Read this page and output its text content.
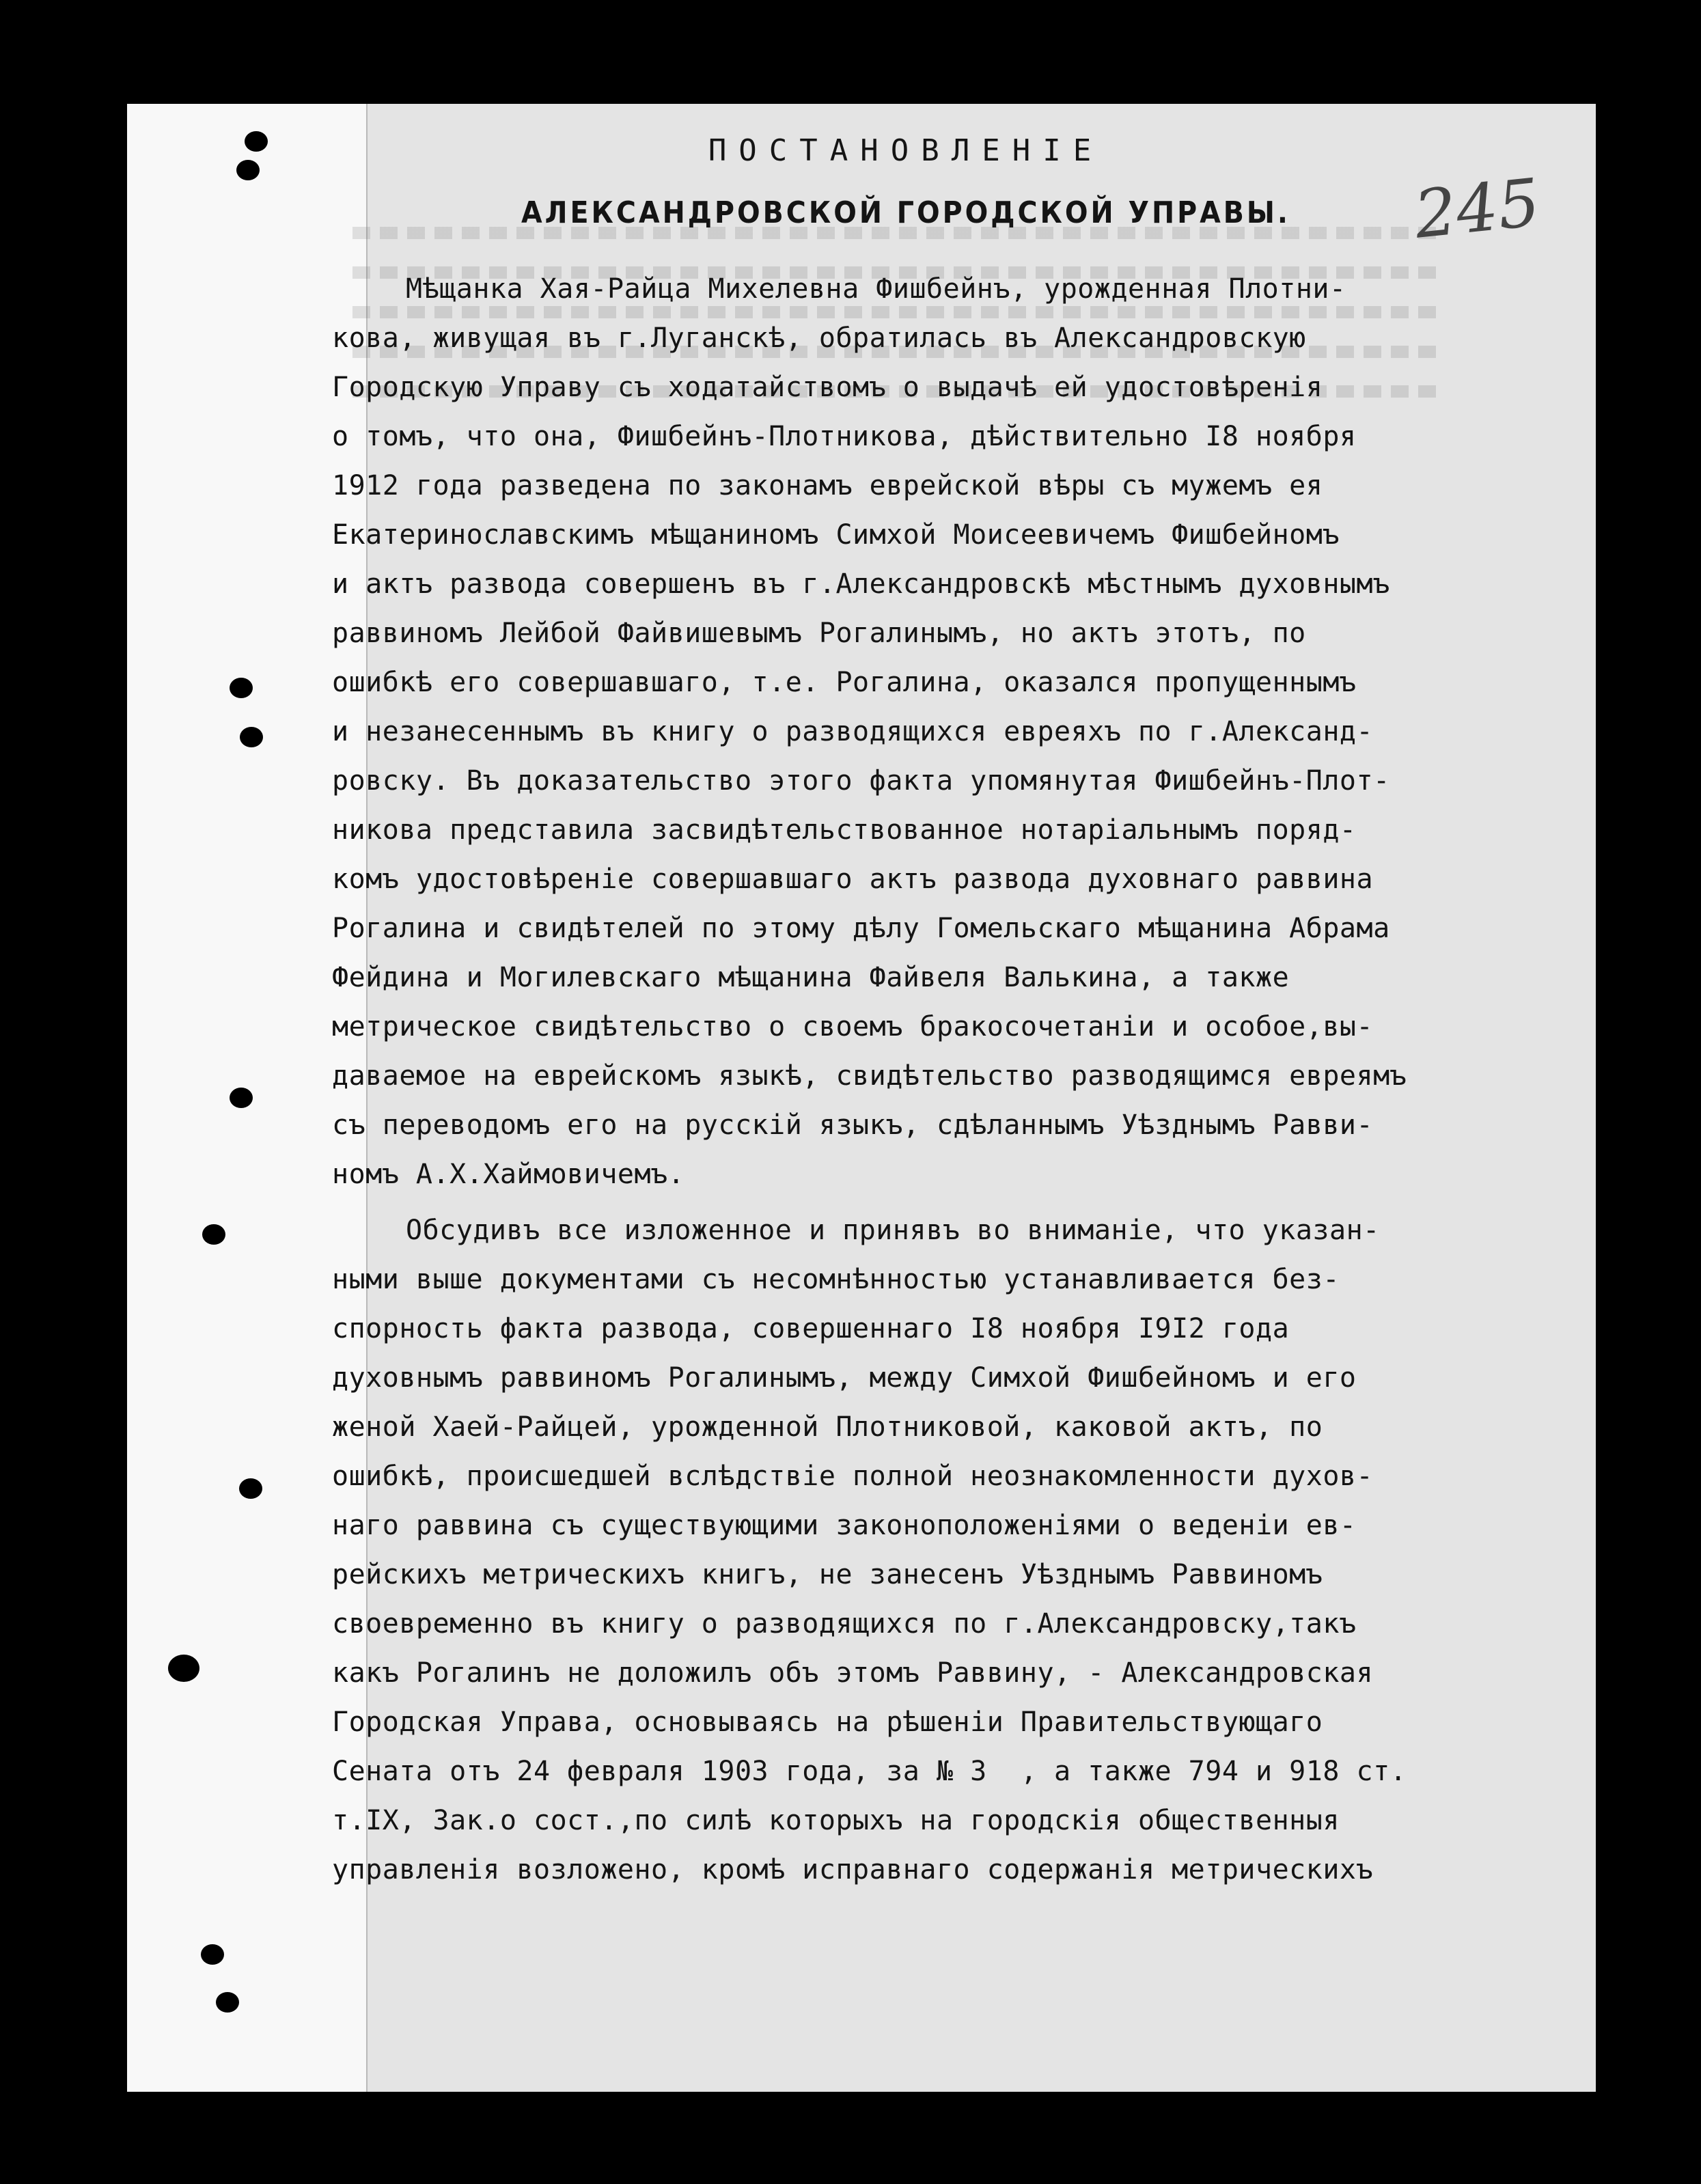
245
ПОСТАНОВЛЕНІЕ
АЛЕКСАНДРОВСКОЙ ГОРОДСКОЙ УПРАВЫ.
Мѣщанка Хая-Райца Михелевна Фишбейнъ, урожденная Плотни-
кова, живущая въ г.Луганскѣ, обратилась въ Александровскую
Городскую Управу съ ходатайствомъ о выдачѣ ей удостовѣренія
о томъ, что она, Фишбейнъ-Плотникова, дѣйствительно I8 ноября
1912 года разведена по законамъ еврейской вѣры съ мужемъ ея
Екатеринославскимъ мѣщаниномъ Симхой Моисеевичемъ Фишбейномъ
и актъ развода совершенъ въ г.Александровскѣ мѣстнымъ духовнымъ
раввиномъ Лейбой Файвишевымъ Рогалинымъ, но актъ этотъ, по
ошибкѣ его совершавшаго, т.е. Рогалина, оказался пропущеннымъ
и незанесеннымъ въ книгу о разводящихся евреяхъ по г.Александ-
ровску. Въ доказательство этого факта упомянутая Фишбейнъ-Плот-
никова представила засвидѣтельствованное нотаріальнымъ поряд-
комъ удостовѣреніе совершавшаго актъ развода духовнаго раввина
Рогалина и свидѣтелей по этому дѣлу Гомельскаго мѣщанина Абрама
Фейдина и Могилевскаго мѣщанина Файвеля Валькина, а также
метрическое свидѣтельство о своемъ бракосочетаніи и особое,вы-
даваемое на еврейскомъ языкѣ, свидѣтельство разводящимся евреямъ
съ переводомъ его на русскій языкъ, сдѣланнымъ Уѣзднымъ Равви-
номъ А.Х.Хаймовичемъ.
Обсудивъ все изложенное и принявъ во вниманіе, что указан-
ными выше документами съ несомнѣнностью устанавливается без-
спорность факта развода, совершеннаго I8 ноября I9I2 года
духовнымъ раввиномъ Рогалинымъ, между Симхой Фишбейномъ и его
женой Хаей-Райцей, урожденной Плотниковой, каковой актъ, по
ошибкѣ, происшедшей вслѣдствіе полной неознакомленности духов-
наго раввина съ существующими законоположеніями о веденіи ев-
рейскихъ метрическихъ книгъ, не занесенъ Уѣзднымъ Раввиномъ
своевременно въ книгу о разводящихся по г.Александровску,такъ
какъ Рогалинъ не доложилъ объ этомъ Раввину, - Александровская
Городская Управа, основываясь на рѣшеніи Правительствующаго
Сената отъ 24 февраля 1903 года, за № 3  , а также 794 и 918 ст.
т.IX, Зак.о сост.,по силѣ которыхъ на городскія общественныя
управленія возложено, кромѣ исправнаго содержанія метрическихъ
